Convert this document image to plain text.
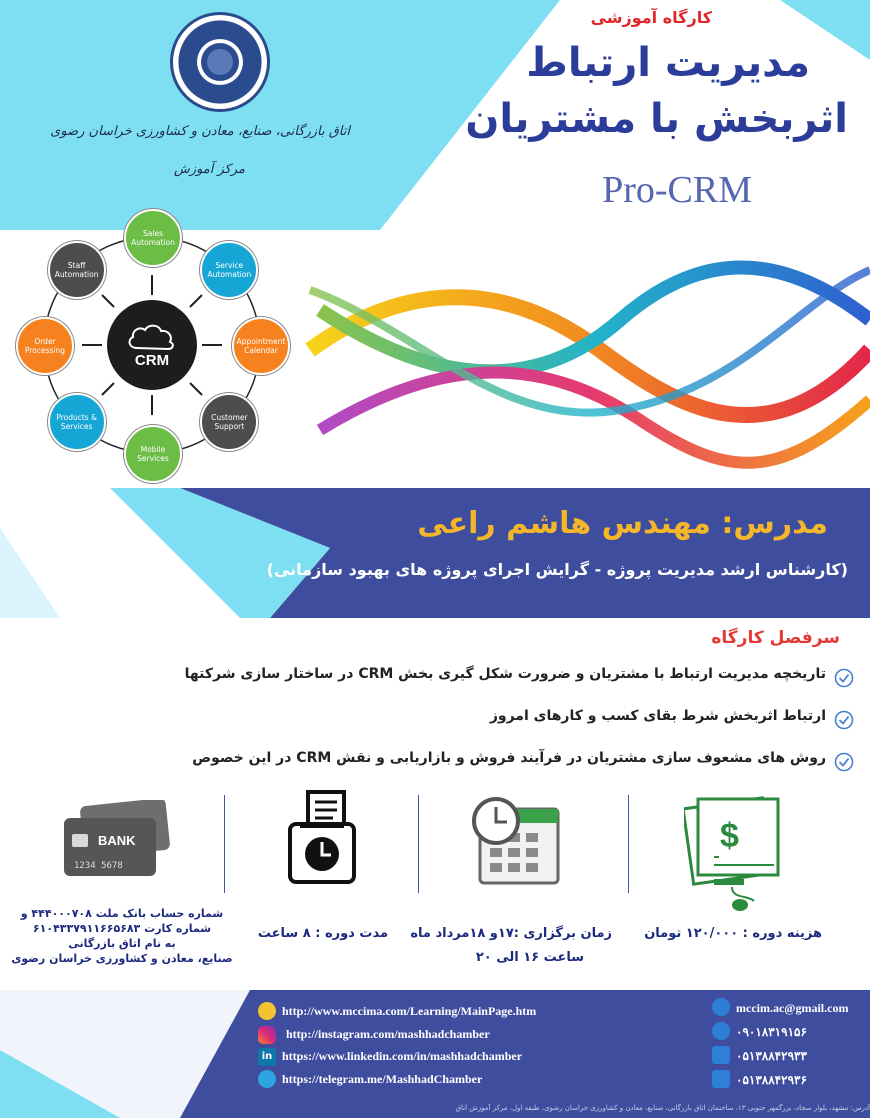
اتاق بازرگانی، صنایع، معادن و کشاورزی خراسان رضوی
مرکز آموزش
کارگاه آموزشی
مدیریت ارتباط
اثربخش با مشتریان
Pro-CRM
CRM
Sales Automation
Service Automation
Appointment Calendar
Customer Support
Mobile Services
Products & Services
Order Processing
Staff Automation
مدرس: مهندس هاشم راعی
(کارشناس ارشد مدیریت پروژه - گرایش اجرای پروژه های بهبود سازمانی)
سرفصل کارگاه
تاریخچه مدیریت ارتباط با مشتریان و ضرورت شکل گیری بخش CRM در ساختار سازی شرکتها
ارتباط اثربخش شرط بقای کسب و کارهای امروز
روش های مشعوف سازی مشتریان در فرآیند فروش و بازاریابی و نقش CRM در این خصوص
BANK
1234 5678
$
هزینه دوره : ۱۲۰/۰۰۰ تومان
زمان برگزاری :۱۷و ۱۸مرداد ماه
ساعت ۱۶ الی ۲۰
مدت دوره : ۸ ساعت
شماره حساب بانک ملت ۴۴۴۰۰۰۷۰۸ و
شماره کارت ۶۱۰۴۳۳۷۹۱۱۶۶۵۶۸۳
به نام اتاق بازرگانی
صنایع، معادن و کشاورزی خراسان رضوی
http://www.mccima.com/Learning/MainPage.htm
http://instagram.com/mashhadchamber
in https://www.linkedin.com/in/mashhadchamber
https://telegram.me/MashhadChamber
mccim.ac@gmail.com
۰۹۰۱۸۳۱۹۱۵۶
۰۵۱۳۸۸۴۲۹۳۳
۰۵۱۳۸۸۴۲۹۳۶
آدرس: مشهد، بلوار سجاد، بزرگمهر جنوبی ۱۳، ساختمان اتاق بازرگانی، صنایع، معادن و کشاورزی خراسان رضوی، طبقه اول، مرکز آموزش اتاق
